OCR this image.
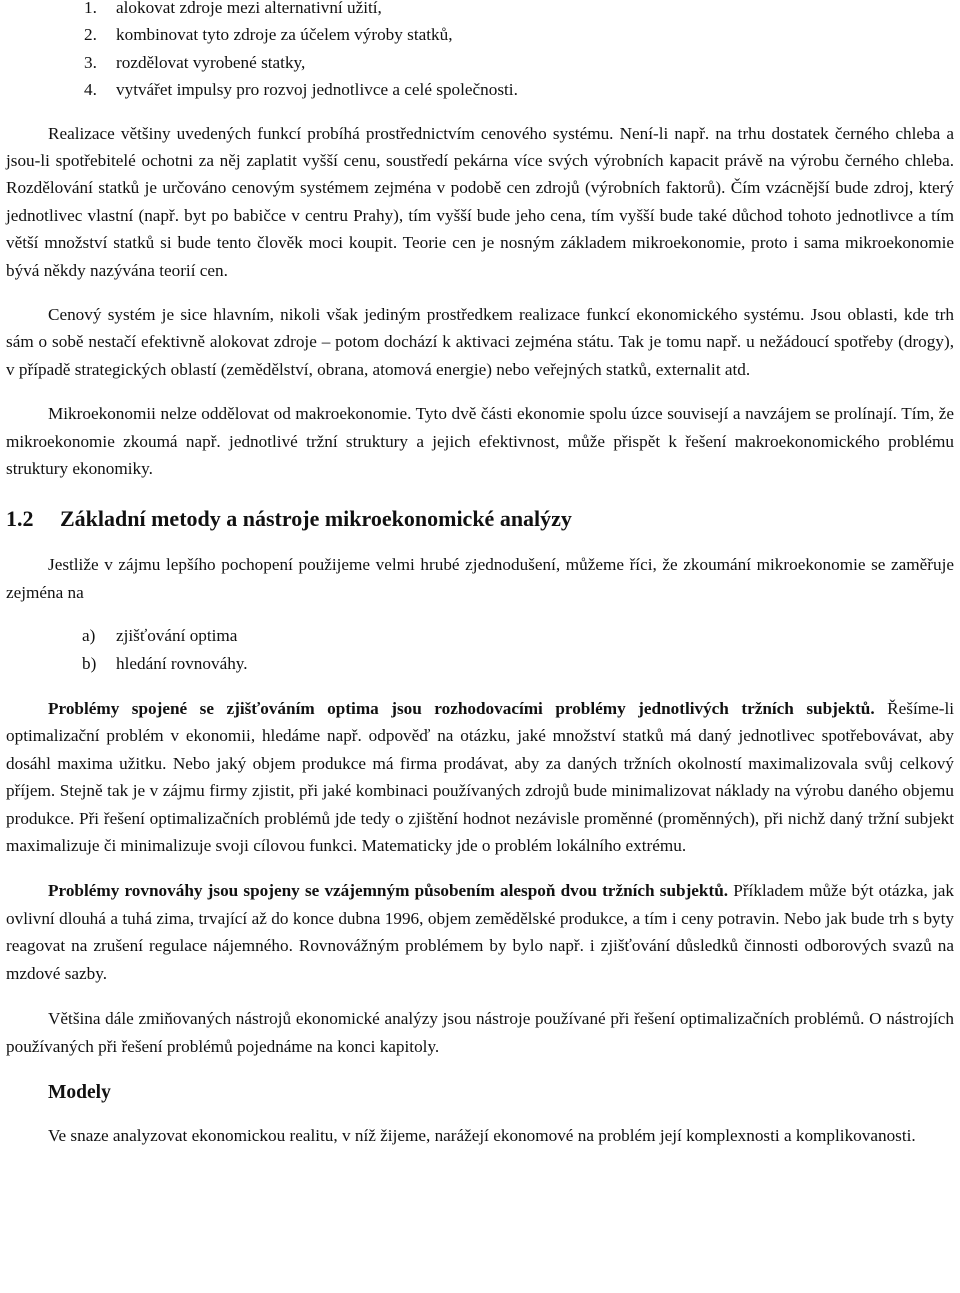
1. alokovat zdroje mezi alternativní užití,
2. kombinovat tyto zdroje za účelem výroby statků,
3. rozdělovat vyrobené statky,
4. vytvářet impulsy pro rozvoj jednotlivce a celé společnosti.

Realizace většiny uvedených funkcí probíhá prostřednictvím cenového systému. Není-li např. na trhu dostatek černého chleba a jsou-li spotřebitelé ochotni za něj zaplatit vyšší cenu, soustředí pekárna více svých výrobních kapacit právě na výrobu černého chleba. Rozdělování statků je určováno cenovým systémem zejména v podobě cen zdrojů (výrobních faktorů). Čím vzácnější bude zdroj, který jednotlivec vlastní (např. byt po babičce v centru Prahy), tím vyšší bude jeho cena, tím vyšší bude také důchod tohoto jednotlivce a tím větší množství statků si bude tento člověk moci koupit. Teorie cen je nosným základem mikroekonomie, proto i sama mikroekonomie bývá někdy nazývána teorií cen.

Cenový systém je sice hlavním, nikoli však jediným prostředkem realizace funkcí ekonomického systému. Jsou oblasti, kde trh sám o sobě nestačí efektivně alokovat zdroje – potom dochází k aktivaci zejména státu. Tak je tomu např. u nežádoucí spotřeby (drogy), v případě strategických oblastí (zemědělství, obrana, atomová energie) nebo veřejných statků, externalit atd.

Mikroekonomii nelze oddělovat od makroekonomie. Tyto dvě části ekonomie spolu úzce souvisejí a navzájem se prolínají. Tím, že mikroekonomie zkoumá např. jednotlivé tržní struktury a jejich efektivnost, může přispět k řešení makroekonomického problému struktury ekonomiky.

1.2 Základní metody a nástroje mikroekonomické analýzy

Jestliže v zájmu lepšího pochopení použijeme velmi hrubé zjednodušení, můžeme říci, že zkoumání mikroekonomie se zaměřuje zejména na

a) zjišťování optima
b) hledání rovnováhy.

Problémy spojené se zjišťováním optima jsou rozhodovacími problémy jednotlivých tržních subjektů. Řešíme-li optimalizační problém v ekonomii, hledáme např. odpověď na otázku, jaké množství statků má daný jednotlivec spotřebovávat, aby dosáhl maxima užitku. Nebo jaký objem produkce má firma prodávat, aby za daných tržních okolností maximalizovala svůj celkový příjem. Stejně tak je v zájmu firmy zjistit, při jaké kombinaci používaných zdrojů bude minimalizovat náklady na výrobu daného objemu produkce. Při řešení optimalizačních problémů jde tedy o zjištění hodnot nezávisle proměnné (proměnných), při nichž daný tržní subjekt maximalizuje či minimalizuje svoji cílovou funkci. Matematicky jde o problém lokálního extrému.

Problémy rovnováhy jsou spojeny se vzájemným působením alespoň dvou tržních subjektů. Příkladem může být otázka, jak ovlivní dlouhá a tuhá zima, trvající až do konce dubna 1996, objem zemědělské produkce, a tím i ceny potravin. Nebo jak bude trh s byty reagovat na zrušení regulace nájemného. Rovnovážným problémem by bylo např. i zjišťování důsledků činnosti odborových svazů na mzdové sazby.

Většina dále zmiňovaných nástrojů ekonomické analýzy jsou nástroje používané při řešení optimalizačních problémů. O nástrojích používaných při řešení problémů pojednáme na konci kapitoly.

Modely

Ve snaze analyzovat ekonomickou realitu, v níž žijeme, narážejí ekonomové na problém její komplexnosti a komplikovanosti.
